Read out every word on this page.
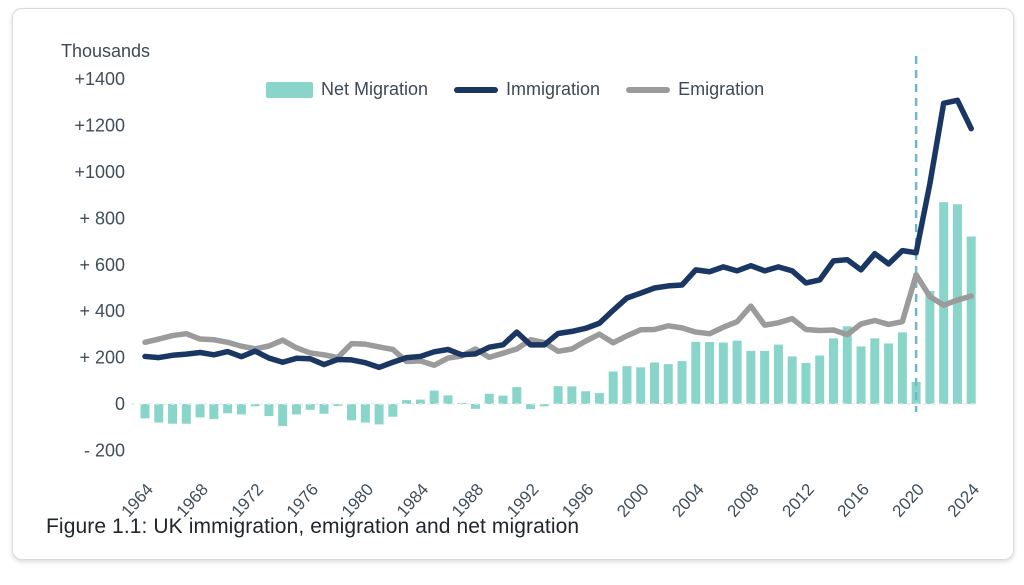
Thousands
Net Migration	Immigration	Emigration
+1400
+1200
+1000
+ 800
+ 600
+ 400
+ 200
0
- 200
1964 1968 1972 1976 1980 1984 1988 1992 1996 2000 2004 2008 2012 2016 2020 2024
Figure 1.1: UK immigration, emigration and net migration
